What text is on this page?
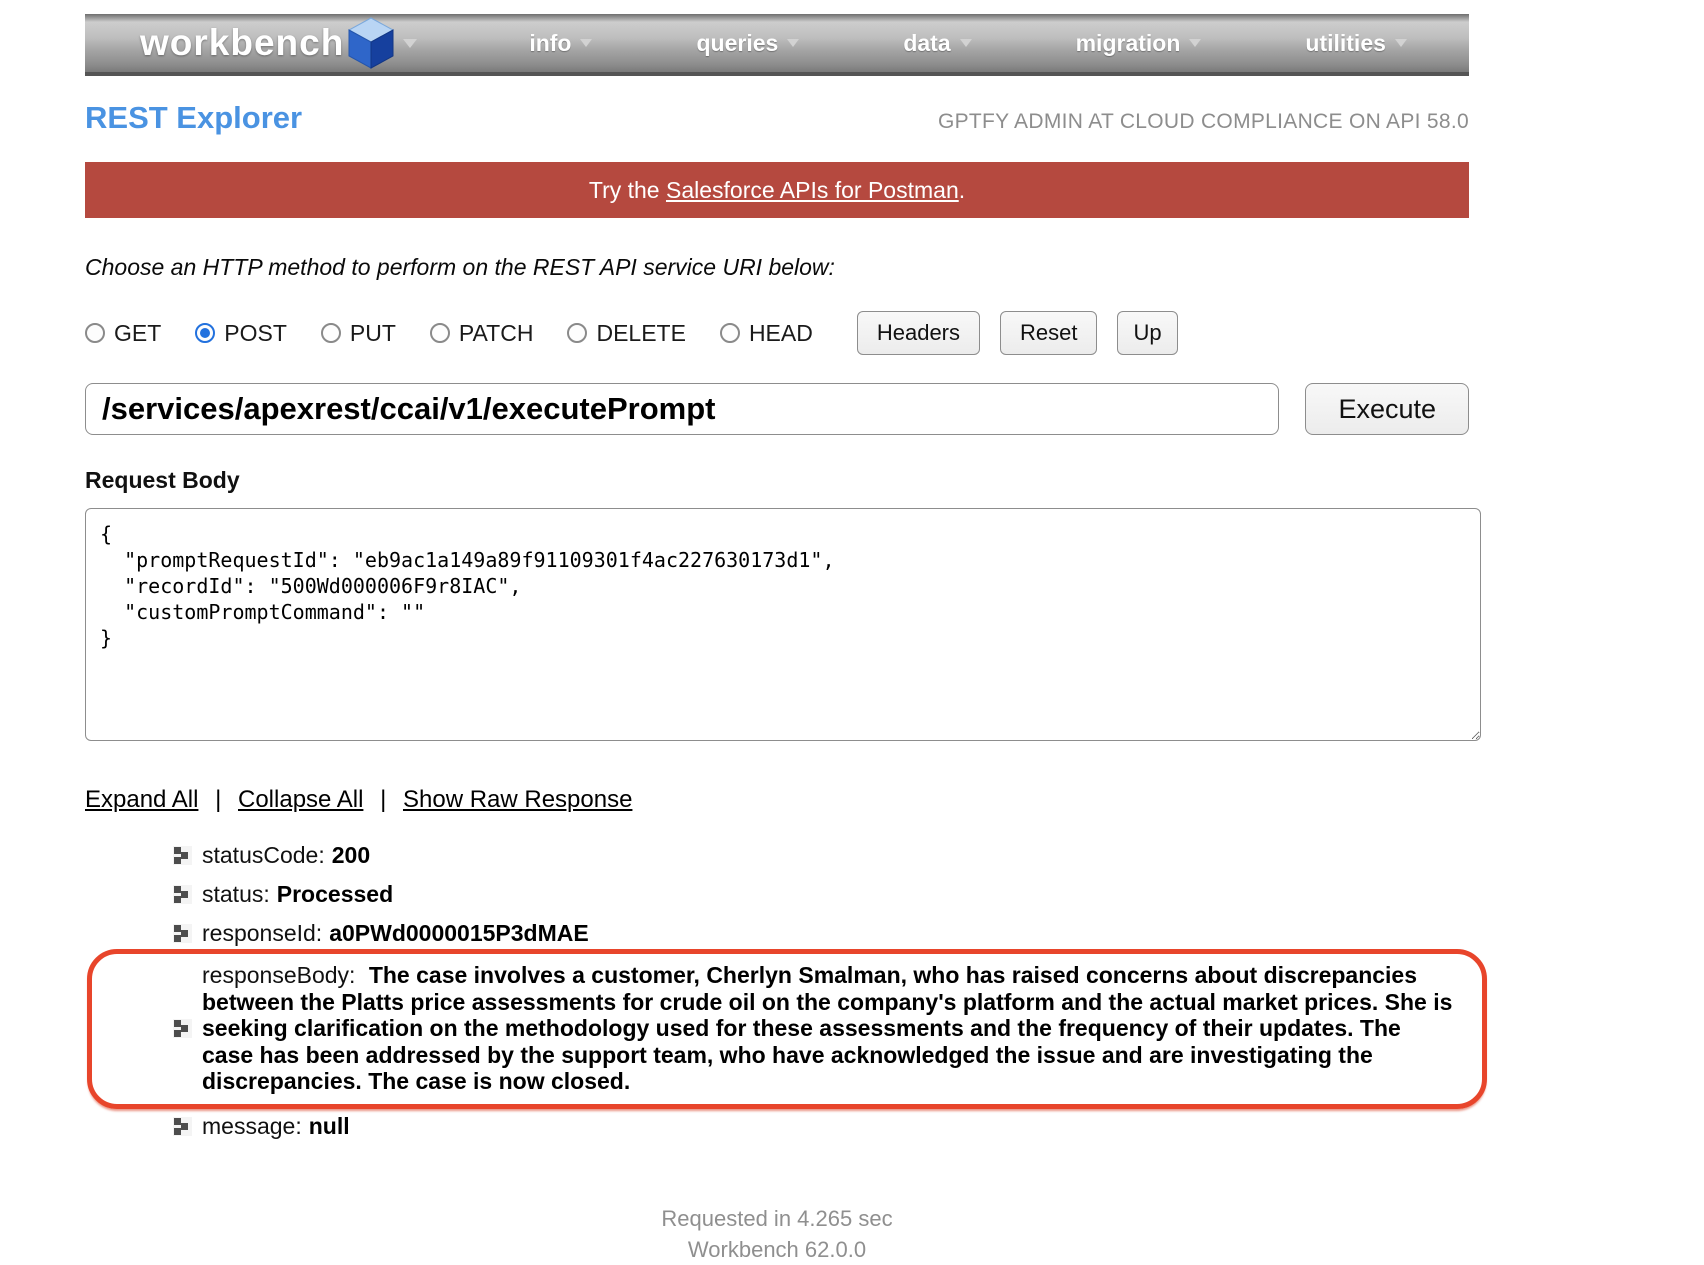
workbench	info	queries	data	migration	utilities
REST Explorer	GPTFY ADMIN AT CLOUD COMPLIANCE ON API 58.0
Try the Salesforce APIs for Postman.
Choose an HTTP method to perform on the REST API service URI below:
GET	POST	PUT	PATCH	DELETE	HEAD	Headers	Reset	Up
/services/apexrest/ccai/v1/executePrompt
Execute
Request Body
{ "promptRequestId": "eb9ac1a149a89f91109301f4ac227630173d1", "recordId": "500Wd000006F9r8IAC", "customPromptCommand": "" }
Expand All | Collapse All | Show Raw Response
statusCode: 200
status: Processed
responseId: a0PWd0000015P3dMAE
responseBody: The case involves a customer, Cherlyn Smalman, who has raised concerns about discrepancies between the Platts price assessments for crude oil on the company's platform and the actual market prices. She is seeking clarification on the methodology used for these assessments and the frequency of their updates. The case has been addressed by the support team, who have acknowledged the issue and are investigating the discrepancies. The case is now closed.
message: null
Requested in 4.265 sec
Workbench 62.0.0
